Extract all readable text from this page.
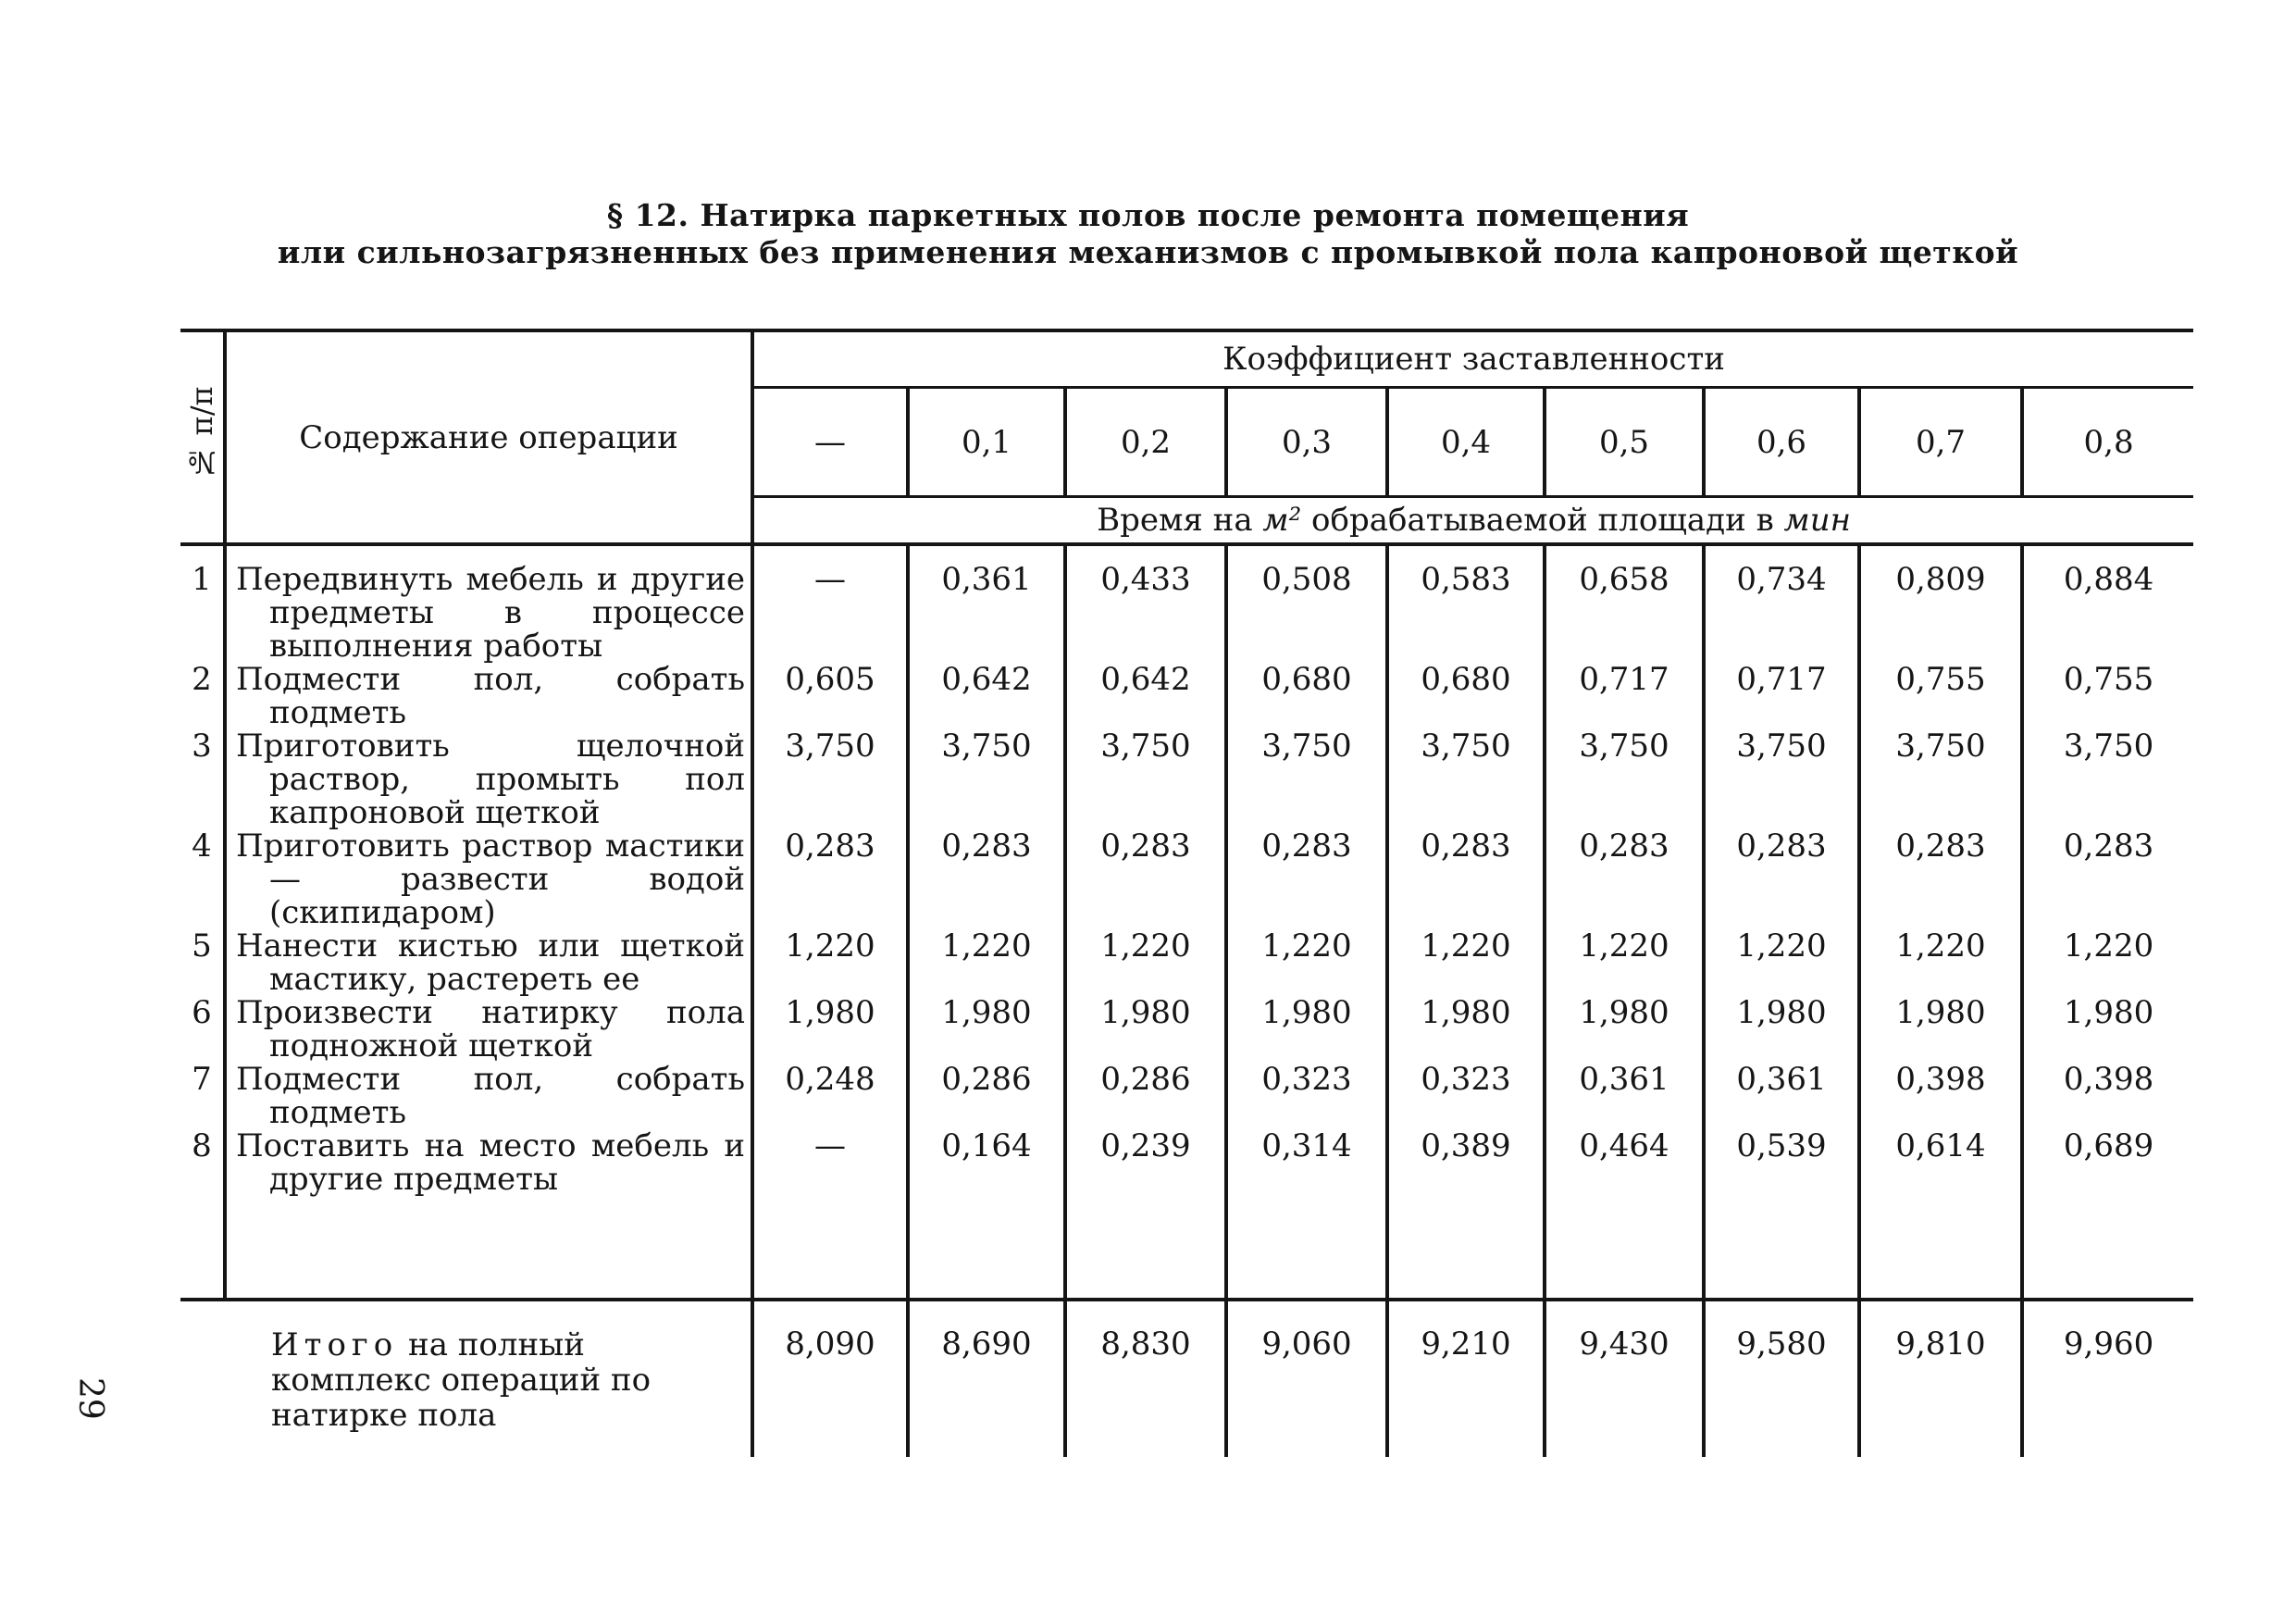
§ 12. Натирка паркетных полов после ремонта помещения
или сильнозагрязненных без применения механизмов с промывкой пола капроновой щеткой
№ п/п	Содержание операции	Коэффициент заставленности								
		—	0,1	0,2	0,3	0,4	0,5	0,6	0,7	0,8
		Время на м² обрабатываемой площади в мин								
1	Передвинуть мебель и другие предметы в процессе выполнения работы	—	0,361	0,433	0,508	0,583	0,658	0,734	0,809	0,884
2	Подмести пол, собрать подметь	0,605	0,642	0,642	0,680	0,680	0,717	0,717	0,755	0,755
3	Приготовить щелочной раствор, промыть пол капроновой щеткой	3,750	3,750	3,750	3,750	3,750	3,750	3,750	3,750	3,750
4	Приготовить раствор мастики — развести водой (скипидаром)	0,283	0,283	0,283	0,283	0,283	0,283	0,283	0,283	0,283
5	Нанести кистью или щеткой мастику, растереть ее	1,220	1,220	1,220	1,220	1,220	1,220	1,220	1,220	1,220
6	Произвести натирку пола подножной щеткой	1,980	1,980	1,980	1,980	1,980	1,980	1,980	1,980	1,980
7	Подмести пол, собрать подметь	0,248	0,286	0,286	0,323	0,323	0,361	0,361	0,398	0,398
8	Поставить на место мебель и другие предметы	—	0,164	0,239	0,314	0,389	0,464	0,539	0,614	0,689

	Итого на полный комплекс операций по натирке пола	8,090	8,690	8,830	9,060	9,210	9,430	9,580	9,810	9,960
29
